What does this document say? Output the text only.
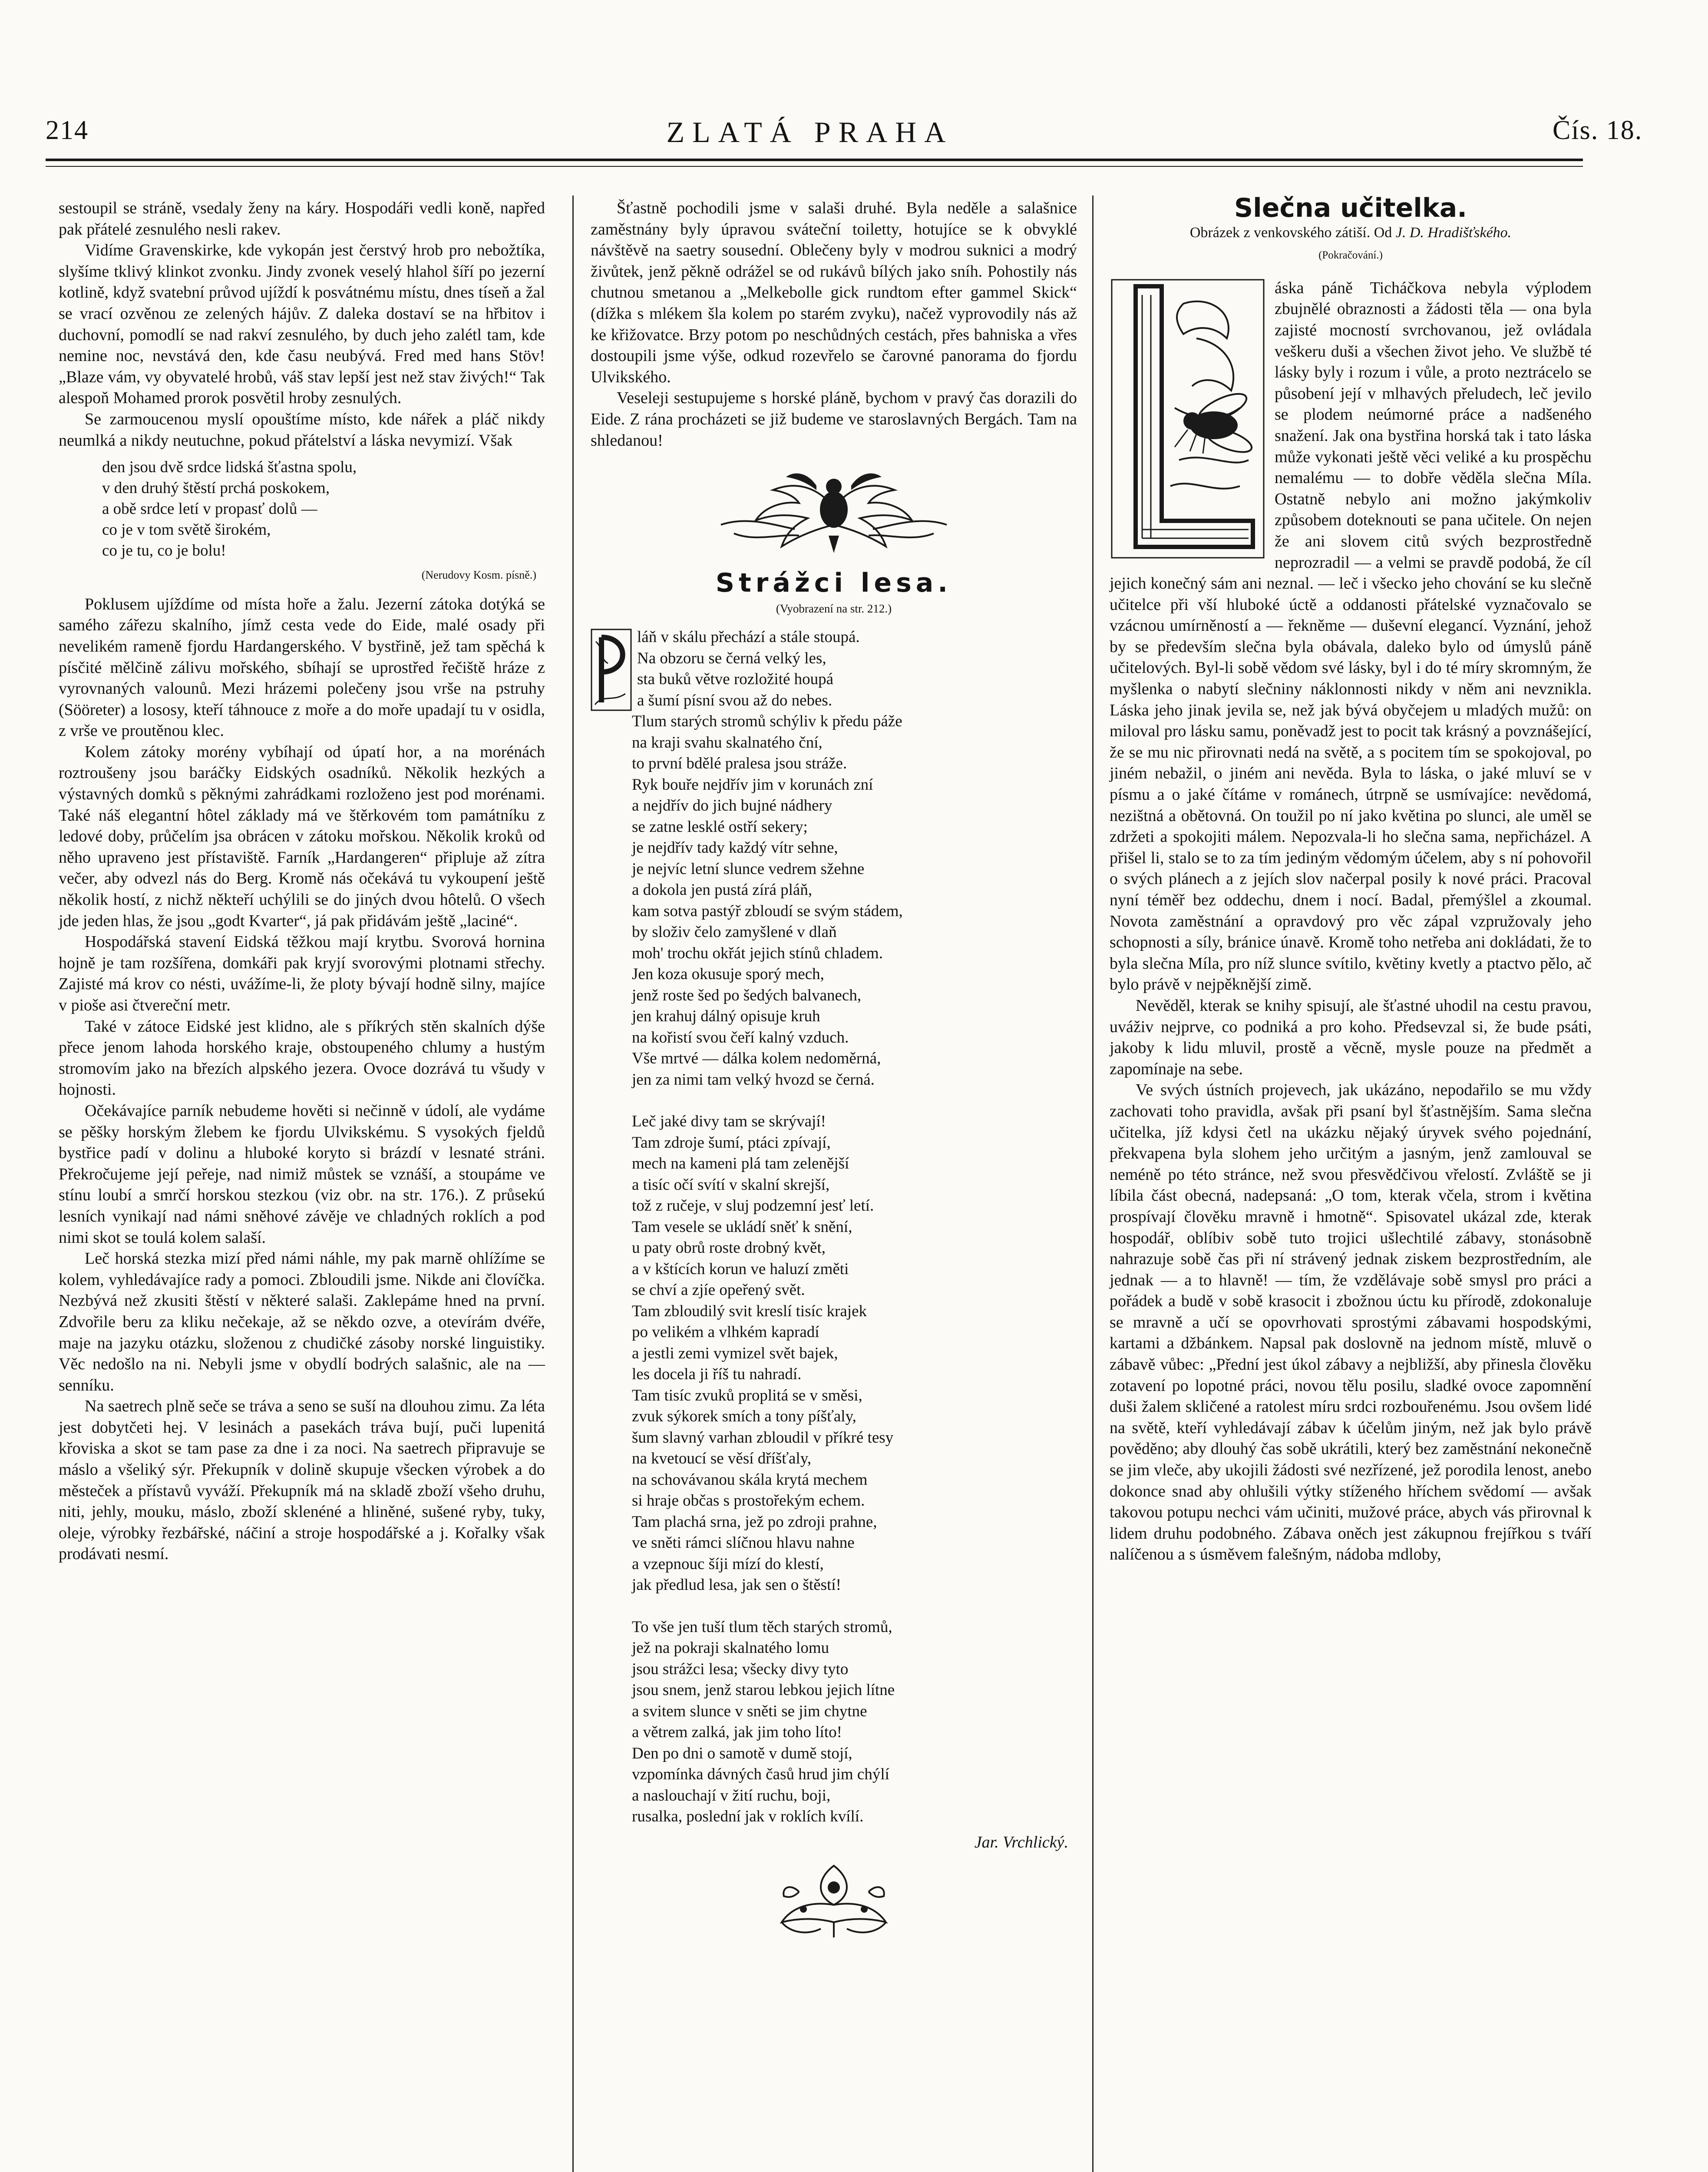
214	ZLATÁ PRAHA	Čís. 18.

sestoupil se stráně, vsedaly ženy na káry. Hospodáři vedli koně, napřed pak přátelé zesnulého nesli rakev.

Vidíme Gravenskirke, kde vykopán jest čerstvý hrob pro nebožtíka, slyšíme tklivý klinkot zvonku. Jindy zvonek veselý hlahol šíří po jezerní kotlině, když svatební průvod ujíždí k posvátnému místu, dnes tíseň a žal se vrací ozvěnou ze zelených hájův. Z daleka dostaví se na hřbitov i duchovní, pomodlí se nad rakví zesnulého, by duch jeho zalétl tam, kde nemine noc, nevstává den, kde času neubývá. Fred med hans Stöv! „Blaze vám, vy obyvatelé hrobů, váš stav lepší jest než stav živých!“ Tak alespoň Mohamed prorok posvětil hroby zesnulých.

Se zarmoucenou myslí opouštíme místo, kde nářek a pláč nikdy neumlká a nikdy neutuchne, pokud přátelství a láska nevymizí. Však

den jsou dvě srdce lidská šťastna spolu,
v den druhý štěstí prchá poskokem,
a obě srdce letí v propasť dolů —
co je v tom světě širokém,
co je tu, co je bolu!
(Nerudovy Kosm. písně.)

Poklusem ujíždíme od místa hoře a žalu. Jezerní zátoka dotýká se samého zářezu skalního, jímž cesta vede do Eide, malé osady při nevelikém rameně fjordu Hardangerského. V bystřině, jež tam spěchá k písčité mělčině zálivu mořského, sbíhají se uprostřed řečiště hráze z vyrovnaných valounů. Mezi hrázemi polečeny jsou vrše na pstruhy (Sööreter) a lososy, kteří táhnouce z moře a do moře upadají tu v osidla, z vrše ve proutěnou klec.

Kolem zátoky morény vybíhají od úpatí hor, a na morénách roztroušeny jsou baráčky Eidských osadníků. Několik hezkých a výstavných domků s pěknými zahrádkami rozloženo jest pod morénami. Také náš elegantní hôtel základy má ve štěrkovém tom památníku z ledové doby, průčelím jsa obrácen v zátoku mořskou. Několik kroků od něho upraveno jest přístaviště. Farník „Hardangeren“ připluje až zítra večer, aby odvezl nás do Berg. Kromě nás očekává tu vykoupení ještě několik hostí, z nichž někteří uchýlili se do jiných dvou hôtelů. O všech jde jeden hlas, že jsou „godt Kvarter“, já pak přidávám ještě „laciné“.

Hospodářská stavení Eidská těžkou mají krytbu. Svorová hornina hojně je tam rozšířena, domkáři pak kryjí svorovými plotnami střechy. Zajisté má krov co nésti, uvážíme-li, že ploty bývají hodně silny, majíce v pioše asi čtvereční metr.

Také v zátoce Eidské jest klidno, ale s příkrých stěn skalních dýše přece jenom lahoda horského kraje, obstoupeného chlumy a hustým stromovím jako na březích alpského jezera. Ovoce dozrává tu všudy v hojnosti.

Očekávajíce parník nebudeme hověti si nečinně v údolí, ale vydáme se pěšky horským žlebem ke fjordu Ulvikskému. S vysokých fjeldů bystřice padí v dolinu a hluboké koryto si brázdí v lesnaté stráni. Překročujeme její peřeje, nad nimiž můstek se vznáší, a stoupáme ve stínu loubí a smrčí horskou stezkou (viz obr. na str. 176.). Z průsekú lesních vynikají nad námi sněhové závěje ve chladných roklích a pod nimi skot se toulá kolem salaší.

Leč horská stezka mizí před námi náhle, my pak marně ohlížíme se kolem, vyhledávajíce rady a pomoci. Zbloudili jsme. Nikde ani človíčka. Nezbývá než zkusiti štěstí v některé salaši. Zaklepáme hned na první. Zdvořile beru za kliku nečekaje, až se někdo ozve, a otevírám dvéře, maje na jazyku otázku, složenou z chudičké zásoby norské linguistiky. Věc nedošlo na ni. Nebyli jsme v obydlí bodrých salašnic, ale na — senníku.

Na saetrech plně seče se tráva a seno se suší na dlouhou zimu. Za léta jest dobytčeti hej. V lesinách a pasekách tráva bují, puči lupenitá křoviska a skot se tam pase za dne i za noci. Na saetrech připravuje se máslo a všeliký sýr. Překupník v dolině skupuje všecken výrobek a do městeček a přístavů vyváží. Překupník má na skladě zboží všeho druhu, niti, jehly, mouku, máslo, zboží sklenéné a hliněné, sušené ryby, tuky, oleje, výrobky řezbářské, náčiní a stroje hospodářské a j. Kořalky však prodávati nesmí.

Šťastně pochodili jsme v salaši druhé. Byla neděle a salašnice zaměstnány byly úpravou sváteční toiletty, hotujíce se k obvyklé návštěvě na saetry sousední. Oblečeny byly v modrou suknici a modrý živůtek, jenž pěkně odrážel se od rukávů bílých jako sníh. Pohostily nás chutnou smetanou a „Melkebolle gick rundtom efter gammel Skick“ (dížka s mlékem šla kolem po starém zvyku), načež vyprovodily nás až ke křižovatce. Brzy potom po neschůdných cestách, přes bahniska a vřes dostoupili jsme výše, odkud rozevřelo se čarovné panorama do fjordu Ulvikského.

Veseleji sestupujeme s horské pláně, bychom v pravý čas dorazili do Eide. Z rána procházeti se již budeme ve staroslavných Bergách. Tam na shledanou!

Strážci lesa.
(Vyobrazení na str. 212.)
láň v skálu přechází a stále stoupá.
Na obzoru se černá velký les,
sta buků větve rozložité houpá
a šumí písní svou až do nebes.
Tlum starých stromů schýliv k předu páže
na kraji svahu skalnatého ční,
to první bdělé pralesa jsou stráže.
Ryk bouře nejdřív jim v korunách zní
a nejdřív do jich bujné nádhery
se zatne lesklé ostří sekery;
je nejdřív tady každý vítr sehne,
je nejvíc letní slunce vedrem sžehne
a dokola jen pustá zírá pláň,
kam sotva pastýř zbloudí se svým stádem,
by složiv čelo zamyšlené v dlaň
moh' trochu okřát jejich stínů chladem.
Jen koza okusuje sporý mech,
jenž roste šed po šedých balvanech,
jen krahuj dálný opisuje kruh
na kořistí svou čeří kalný vzduch.
Vše mrtvé — dálka kolem nedoměrná,
jen za nimi tam velký hvozd se černá.
Leč jaké divy tam se skrývají!
Tam zdroje šumí, ptáci zpívají,
mech na kameni plá tam zelenější
a tisíc očí svítí v skalní skrejší,
tož z ručeje, v sluj podzemní jesť letí.
Tam vesele se ukládí sněť k snění,
u paty obrů roste drobný květ,
a v kštících korun ve haluzí změti
se chví a zjíe opeřený svět.
Tam zbloudilý svit kreslí tisíc krajek
po velikém a vlhkém kapradí
a jestli zemi vymizel svět bajek,
les docela ji říš tu nahradí.
Tam tisíc zvuků proplitá se v směsi,
zvuk sýkorek smích a tony píšťaly,
šum slavný varhan zbloudil v příkré tesy
na kvetoucí se věsí dříšťaly,
na schovávanou skála krytá mechem
si hraje občas s prostořekým echem.
Tam plachá srna, jež po zdroji prahne,
ve sněti rámci slíčnou hlavu nahne
a vzepnouc šíji mízí do klestí,
jak předlud lesa, jak sen o štěstí!
To vše jen tuší tlum těch starých stromů,
jež na pokraji skalnatého lomu
jsou strážci lesa; všecky divy tyto
jsou snem, jenž starou lebkou jejich lítne
a svitem slunce v sněti se jim chytne
a větrem zalká, jak jim toho líto!
Den po dni o samotě v dumě stojí,
vzpomínka dávných časů hrud jim chýlí
a naslouchají v žití ruchu, boji,
rusalka, poslední jak v roklích kvílí.
Jar. Vrchlický.
Slečna učitelka.
Obrázek z venkovského zátiší. Od J. D. Hradišťského.
(Pokračování.)

áska páně Ticháčkova nebyla výplodem zbujnělé obraznosti a žádosti těla — ona byla zajisté mocností svrchovanou, jež ovládala veškeru duši a všechen život jeho. Ve službě té lásky byly i rozum i vůle, a proto neztrácelo se působení její v mlhavých přeludech, leč jevilo se plodem neúmorné práce a nadšeného snažení. Jak ona bystřina horská tak i tato láska může vykonati ještě věci veliké a ku prospěchu nemalému — to dobře věděla slečna Míla. Ostatně nebylo ani možno jakýmkoliv způsobem doteknouti se pana učitele. On nejen že ani slovem citů svých bezprostředně neprozradil — a velmi se pravdě podobá, že cíl jejich konečný sám ani neznal. — leč i všecko jeho chování se ku slečně učitelce při vší hluboké úctě a oddanosti přátelské vyznačovalo se vzácnou umírněností a — řekněme — duševní elegancí. Vyznání, jehož by se především slečna byla obávala, daleko bylo od úmyslů páně učitelových. Byl-li sobě vědom své lásky, byl i do té míry skromným, že myšlenka o nabytí slečniny náklonnosti nikdy v něm ani nevznikla. Láska jeho jinak jevila se, než jak bývá obyčejem u mladých mužů: on miloval pro lásku samu, poněvadž jest to pocit tak krásný a povznášející, že se mu nic přirovnati nedá na světě, a s pocitem tím se spokojoval, po jiném nebažil, o jiném ani nevěda. Byla to láska, o jaké mluví se v písmu a o jaké čítáme v románech, útrpně se usmívajíce: nevědomá, nezištná a obětovná. On toužil po ní jako květina po slunci, ale uměl se zdržeti a spokojiti málem. Nepozvala-li ho slečna sama, nepřicházel. A přišel li, stalo se to za tím jediným vědomým účelem, aby s ní pohovořil o svých plánech a z jejích slov načerpal posily k nové práci. Pracoval nyní téměř bez oddechu, dnem i nocí. Badal, přemýšlel a zkoumal. Novota zaměstnání a opravdový pro věc zápal vzpružovaly jeho schopnosti a síly, bránice únavě. Kromě toho netřeba ani dokládati, že to byla slečna Míla, pro níž slunce svítilo, květiny kvetly a ptactvo pělo, ač bylo právě v nejpěknější zimě.

Nevěděl, kterak se knihy spisují, ale šťastné uhodil na cestu pravou, uváživ nejprve, co podniká a pro koho. Předsevzal si, že bude psáti, jakoby k lidu mluvil, prostě a věcně, mysle pouze na předmět a zapomínaje na sebe.

Ve svých ústních projevech, jak ukázáno, nepodařilo se mu vždy zachovati toho pravidla, avšak při psaní byl šťastnějším. Sama slečna učitelka, jíž kdysi četl na ukázku nějaký úryvek svého pojednání, překvapena byla slohem jeho určitým a jasným, jenž zamlouval se neméně po této stránce, než svou přesvědčivou vřelostí. Zvláště se ji líbila část obecná, nadepsaná: „O tom, kterak včela, strom i květina prospívají člověku mravně i hmotně“. Spisovatel ukázal zde, kterak hospodář, oblíbiv sobě tuto trojici ušlechtilé zábavy, stonásobně nahrazuje sobě čas při ní strávený jednak ziskem bezprostředním, ale jednak — a to hlavně! — tím, že vzdělávaje sobě smysl pro práci a pořádek a budě v sobě krasocit i zbožnou úctu ku přírodě, zdokonaluje se mravně a učí se opovrhovati sprostými zábavami hospodskými, kartami a džbánkem. Napsal pak doslovně na jednom místě, mluvě o zábavě vůbec: „Přední jest úkol zábavy a nejbližší, aby přinesla člověku zotavení po lopotné práci, novou tělu posilu, sladké ovoce zapomnění duši žalem skličené a ratolest míru srdci rozbouřenému. Jsou ovšem lidé na světě, kteří vyhledávají zábav k účelům jiným, než jak bylo právě pověděno; aby dlouhý čas sobě ukrátili, který bez zaměstnání nekonečně se jim vleče, aby ukojili žádosti své nezřízené, jež porodila lenost, anebo dokonce snad aby ohlušili výtky stíženého hříchem svědomí — avšak takovou potupu nechci vám učiniti, mužové práce, abych vás přirovnal k lidem druhu podobného. Zábava oněch jest zákupnou frejířkou s tváří nalíčenou a s úsměvem falešným, nádoba mdloby,
